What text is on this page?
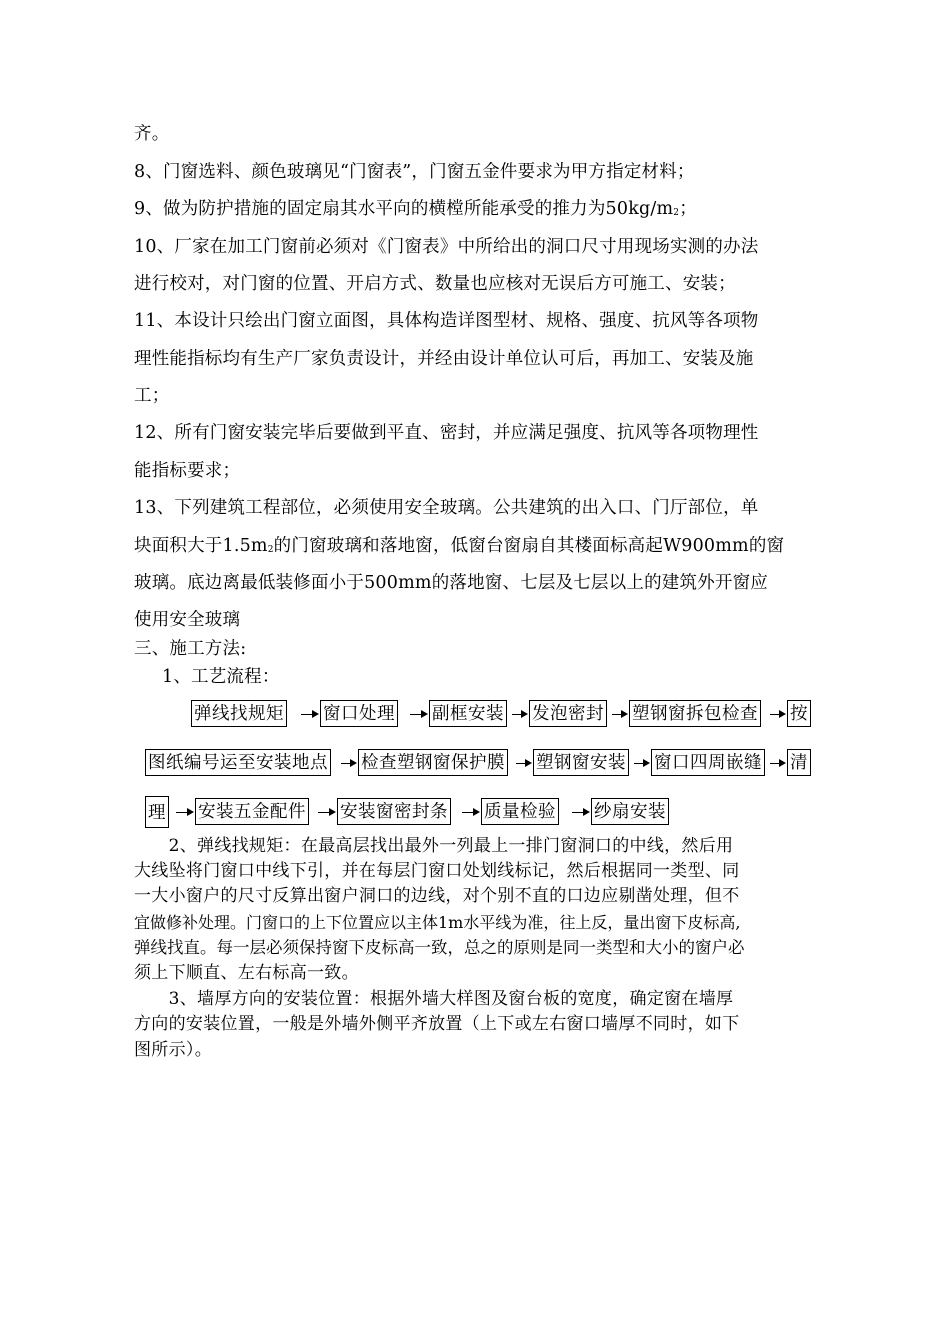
齐。
8、门窗选料、颜色玻璃见“门窗表”，门窗五金件要求为甲方指定材料；
9、做为防护措施的固定扇其水平向的横樘所能承受的推力为$50kg/m_2$；
10、厂家在加工门窗前必须对《门窗表》中所给出的洞口尺寸用现场实测的办法
进行校对，对门窗的位置、开启方式、数量也应核对无误后方可施工、安装；
11、本设计只绘出门窗立面图，具体构造详图型材、规格、强度、抗风等各项物
理性能指标均有生产厂家负责设计，并经由设计单位认可后，再加工、安装及施
工；
12、所有门窗安装完毕后要做到平直、密封，并应满足强度、抗风等各项物理性
能指标要求；
13、下列建筑工程部位，必须使用安全玻璃。公共建筑的出入口、门厅部位，单
块面积大于$1.5m_2$的门窗玻璃和落地窗，低窗台窗扇自其楼面标高起W900mm的窗
玻璃。底边离最低装修面小于500mm的落地窗、七层及七层以上的建筑外开窗应
使用安全玻璃
三、施工方法:
1、工艺流程：
弹线找规矩 窗口处理 副框安装 发泡密封 塑钢窗拆包检查 按
图纸编号运至安装地点 检查塑钢窗保护膜 塑钢窗安装 窗口四周嵌缝 清
理 安装五金配件 安装窗密封条 质量检验 纱扇安装
　　2、弹线找规矩：在最高层找出最外一列最上一排门窗洞口的中线，然后用
大线坠将门窗口中线下引，并在每层门窗口处划线标记，然后根据同一类型、同
一大小窗户的尺寸反算出窗户洞口的边线，对个别不直的口边应剔凿处理，但不
宜做修补处理。门窗口的上下位置应以主体1m水平线为准，往上反，量出窗下皮标高,
弹线找直。每一层必须保持窗下皮标高一致，总之的原则是同一类型和大小的窗户必
须上下顺直、左右标高一致。
　　3、墙厚方向的安装位置：根据外墙大样图及窗台板的宽度，确定窗在墙厚
方向的安装位置，一般是外墙外侧平齐放置（上下或左右窗口墙厚不同时，如下
图所示）。
